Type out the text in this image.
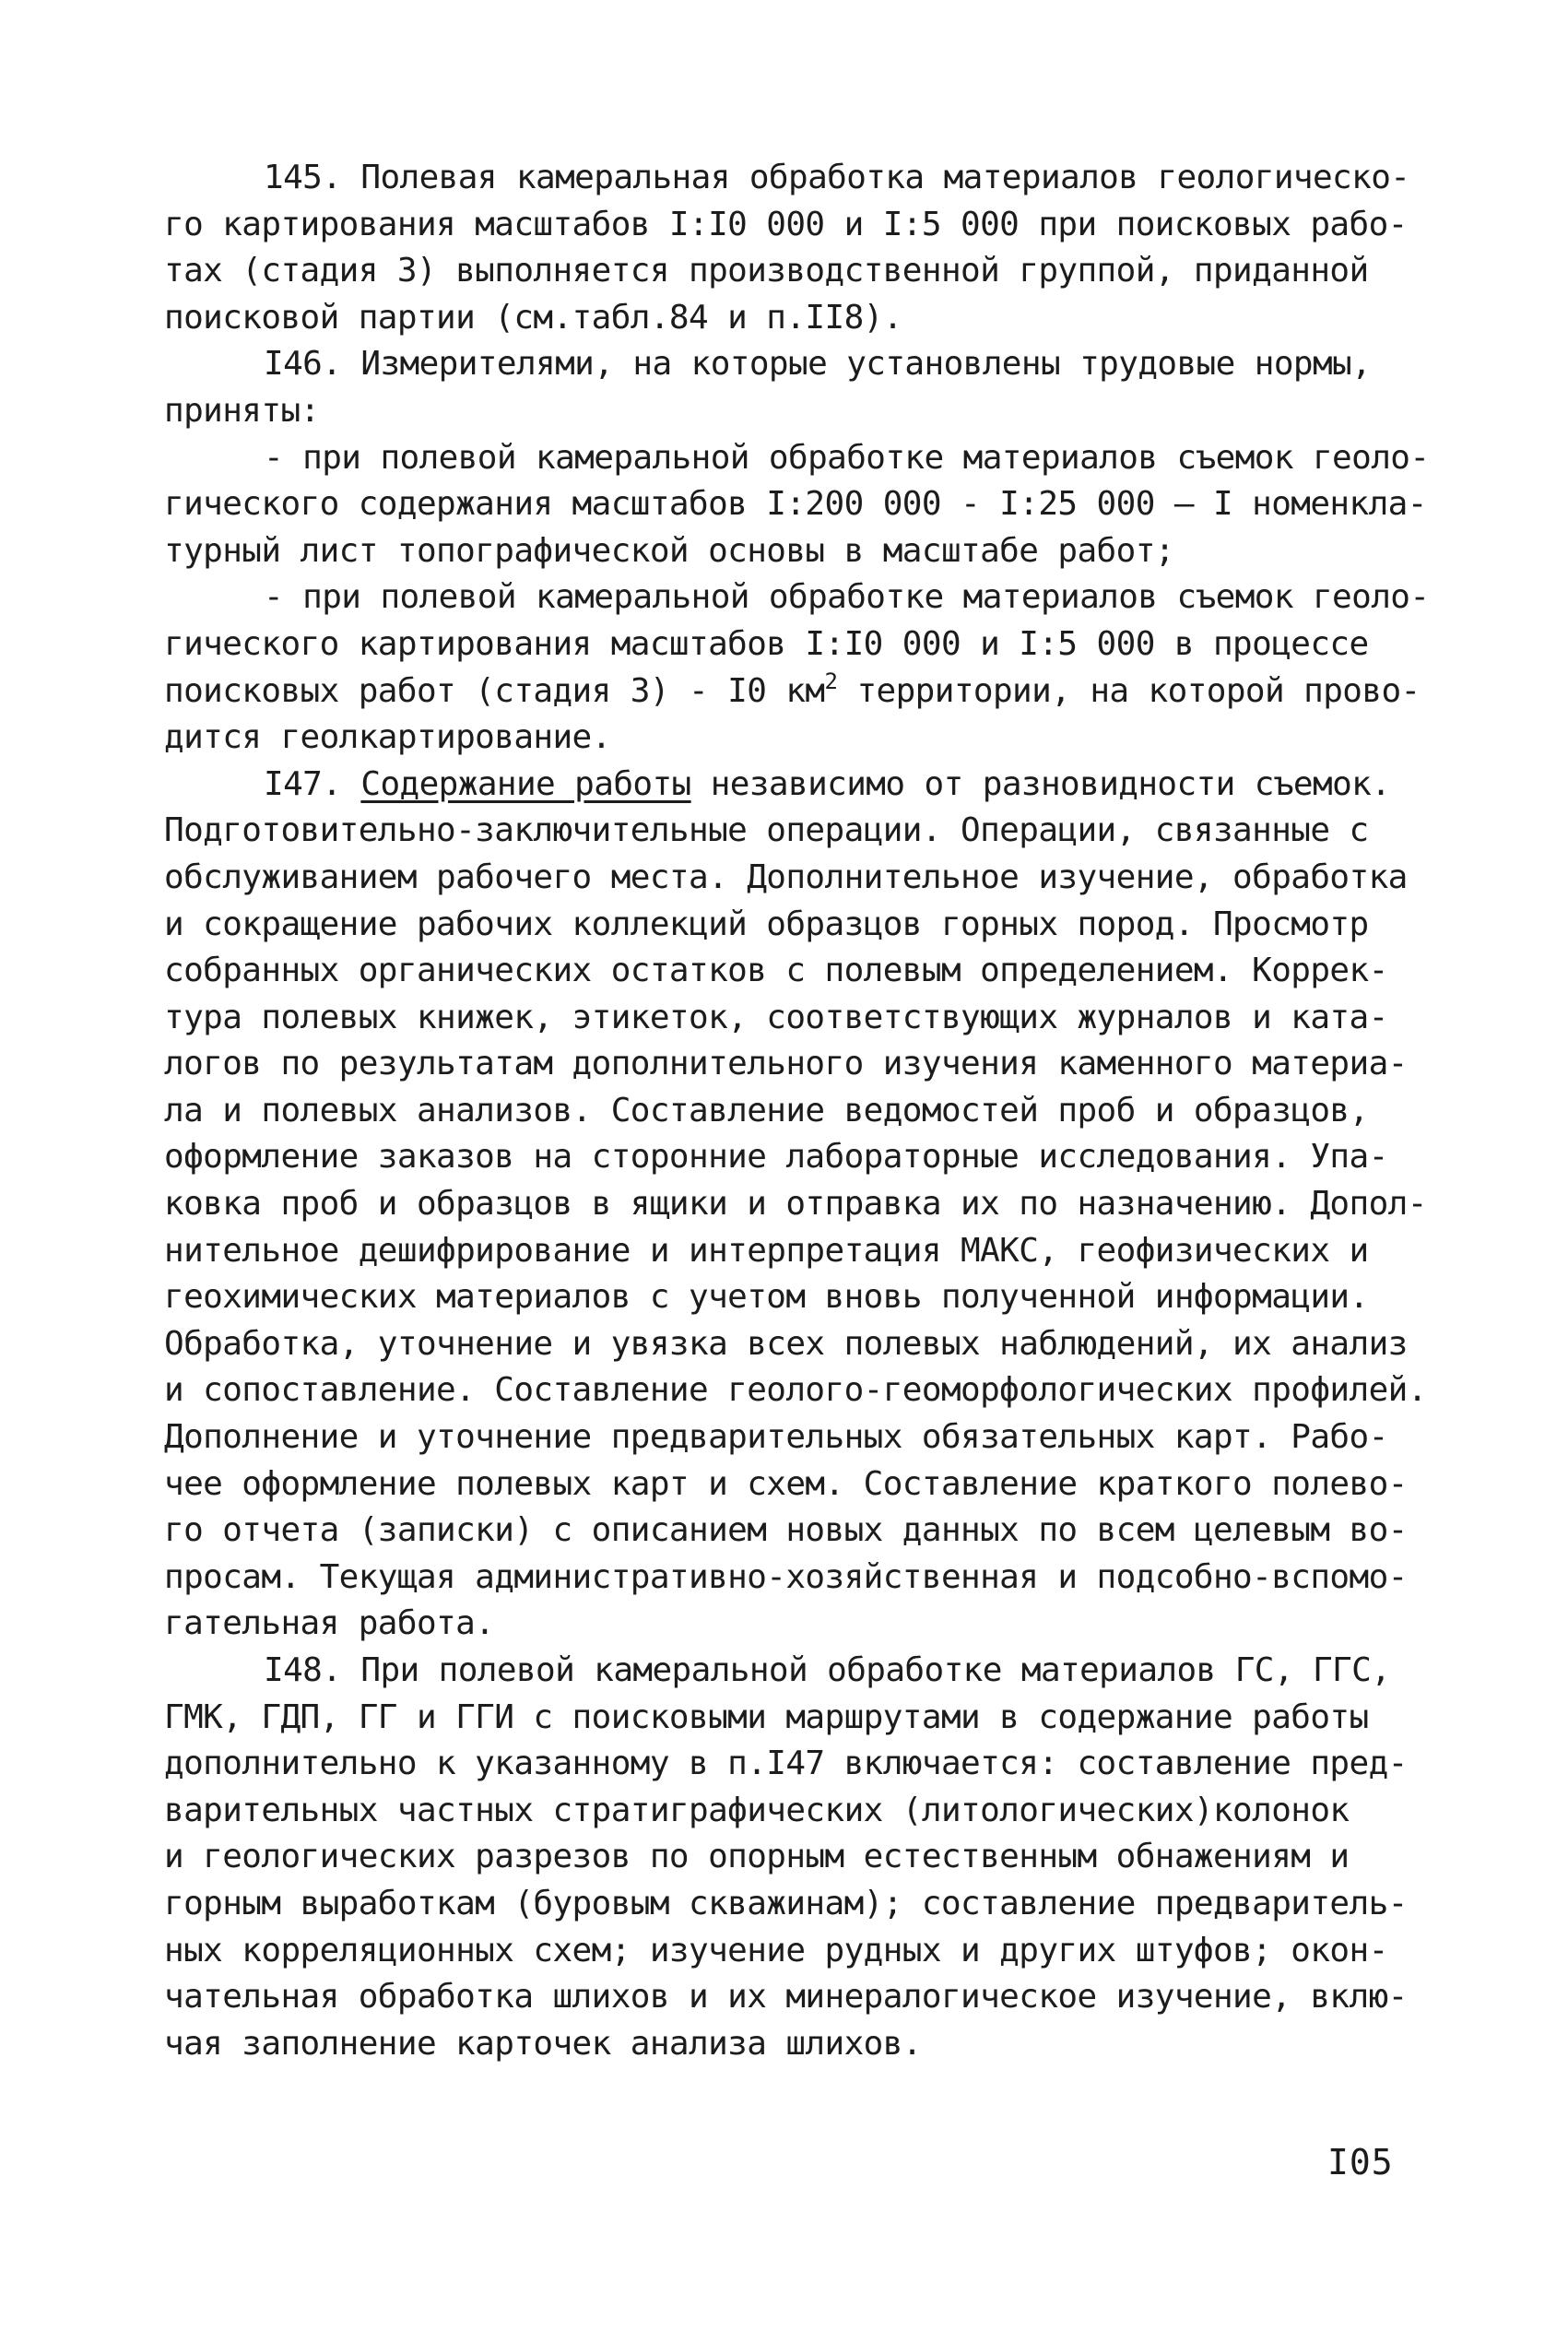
145. Полевая камеральная обработка материалов геологическо-
го картирования масштабов I:I0 000 и I:5 000 при поисковых рабо-
тах (стадия 3) выполняется производственной группой, приданной
поисковой партии (см.табл.84 и п.II8).
I46. Измерителями, на которые установлены трудовые нормы,
приняты:
- при полевой камеральной обработке материалов съемок геоло-
гического содержания масштабов I:200 000 - I:25 000 — I номенкла-
турный лист топографической основы в масштабе работ;
- при полевой камеральной обработке материалов съемок геоло-
гического картирования масштабов I:I0 000 и I:5 000 в процессе
поисковых работ (стадия 3) - I0 $км^2$ территории, на которой прово-
дится геолкартирование.
I47. Содержание работы независимо от разновидности съемок.
Подготовительно-заключительные операции. Операции, связанные с
обслуживанием рабочего места. Дополнительное изучение, обработка
и сокращение рабочих коллекций образцов горных пород. Просмотр
собранных органических остатков с полевым определением. Коррек-
тура полевых книжек, этикеток, соответствующих журналов и ката-
логов по результатам дополнительного изучения каменного материа-
ла и полевых анализов. Составление ведомостей проб и образцов,
оформление заказов на сторонние лабораторные исследования. Упа-
ковка проб и образцов в ящики и отправка их по назначению. Допол-
нительное дешифрирование и интерпретация МАКС, геофизических и
геохимических материалов с учетом вновь полученной информации.
Обработка, уточнение и увязка всех полевых наблюдений, их анализ
и сопоставление. Составление геолого-геоморфологических профилей.
Дополнение и уточнение предварительных обязательных карт. Рабо-
чее оформление полевых карт и схем. Составление краткого полево-
го отчета (записки) с описанием новых данных по всем целевым во-
просам. Текущая административно-хозяйственная и подсобно-вспомо-
гательная работа.
I48. При полевой камеральной обработке материалов ГС, ГГС,
ГМК, ГДП, ГГ и ГГИ с поисковыми маршрутами в содержание работы
дополнительно к указанному в п.I47 включается: составление пред-
варительных частных стратиграфических (литологических)колонок
и геологических разрезов по опорным естественным обнажениям и
горным выработкам (буровым скважинам); составление предваритель-
ных корреляционных схем; изучение рудных и других штуфов; окон-
чательная обработка шлихов и их минералогическое изучение, вклю-
чая заполнение карточек анализа шлихов.
I05
